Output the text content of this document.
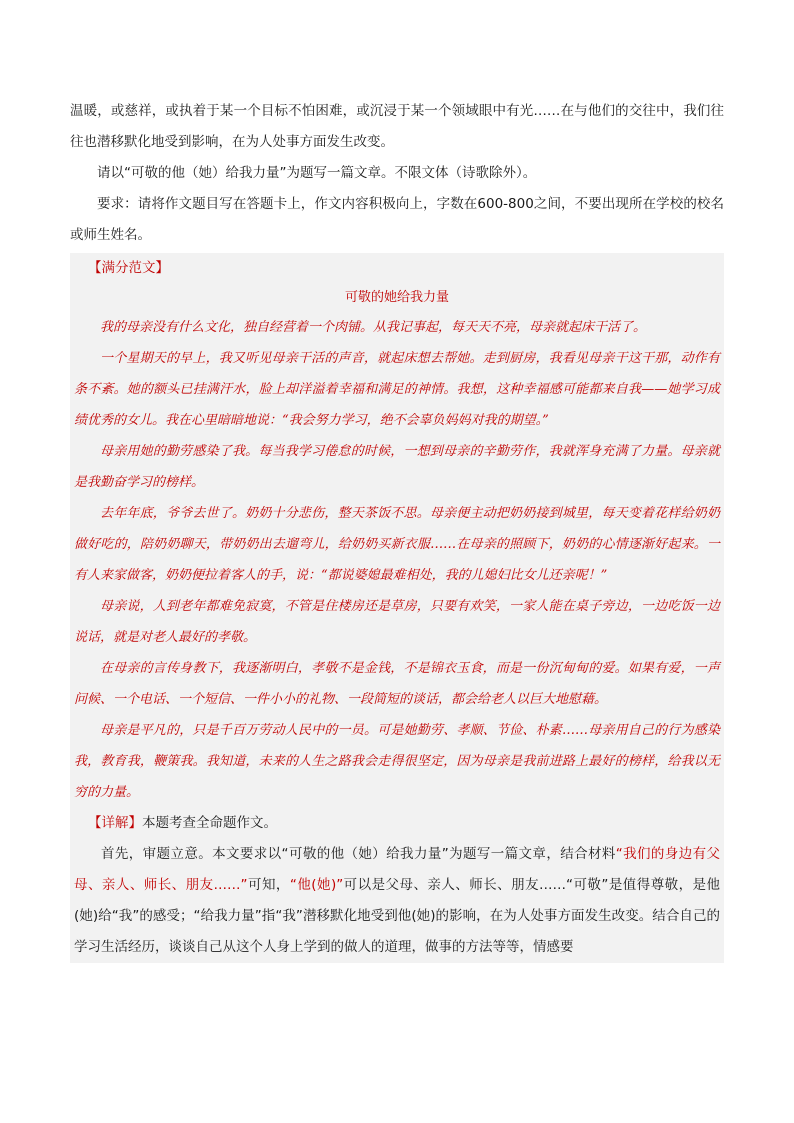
温暖，或慈祥，或执着于某一个目标不怕困难，或沉浸于某一个领域眼中有光……在与他们的交往中，我们往往也潜移默化地受到影响，在为人处事方面发生改变。

请以“可敬的他（她）给我力量”为题写一篇文章。不限文体（诗歌除外）。

要求：请将作文题目写在答题卡上，作文内容积极向上，字数在600-800之间，不要出现所在学校的校名或师生姓名。

【满分范文】

可敬的她给我力量

我的母亲没有什么文化，独自经营着一个肉铺。从我记事起，每天天不亮，母亲就起床干活了。

一个星期天的早上，我又听见母亲干活的声音，就起床想去帮她。走到厨房，我看见母亲干这干那，动作有条不紊。她的额头已挂满汗水，脸上却洋溢着幸福和满足的神情。我想，这种幸福感可能都来自我——她学习成绩优秀的女儿。我在心里暗暗地说：“我会努力学习，绝不会辜负妈妈对我的期望。”

母亲用她的勤劳感染了我。每当我学习倦怠的时候，一想到母亲的辛勤劳作，我就浑身充满了力量。母亲就是我勤奋学习的榜样。

去年年底，爷爷去世了。奶奶十分悲伤，整天茶饭不思。母亲便主动把奶奶接到城里，每天变着花样给奶奶做好吃的，陪奶奶聊天，带奶奶出去遛弯儿，给奶奶买新衣服……在母亲的照顾下，奶奶的心情逐渐好起来。一有人来家做客，奶奶便拉着客人的手，说：“都说婆媳最难相处，我的儿媳妇比女儿还亲呢！”

母亲说，人到老年都难免寂寞，不管是住楼房还是草房，只要有欢笑，一家人能在桌子旁边，一边吃饭一边说话，就是对老人最好的孝敬。

在母亲的言传身教下，我逐渐明白，孝敬不是金钱，不是锦衣玉食，而是一份沉甸甸的爱。如果有爱，一声问候、一个电话、一个短信、一件小小的礼物、一段简短的谈话，都会给老人以巨大地慰藉。

母亲是平凡的，只是千百万劳动人民中的一员。可是她勤劳、孝顺、节俭、朴素……母亲用自己的行为感染我，教育我，鞭策我。我知道，未来的人生之路我会走得很坚定，因为母亲是我前进路上最好的榜样，给我以无穷的力量。

【详解】本题考查全命题作文。

首先，审题立意。本文要求以“可敬的他（她）给我力量”为题写一篇文章，结合材料“我们的身边有父母、亲人、师长、朋友……”可知，“他(她)”可以是父母、亲人、师长、朋友……“可敬”是值得尊敬，是他(她)给“我”的感受；“给我力量”指“我”潜移默化地受到他(她)的影响，在为人处事方面发生改变。结合自己的学习生活经历，谈谈自己从这个人身上学到的做人的道理，做事的方法等等，情感要
